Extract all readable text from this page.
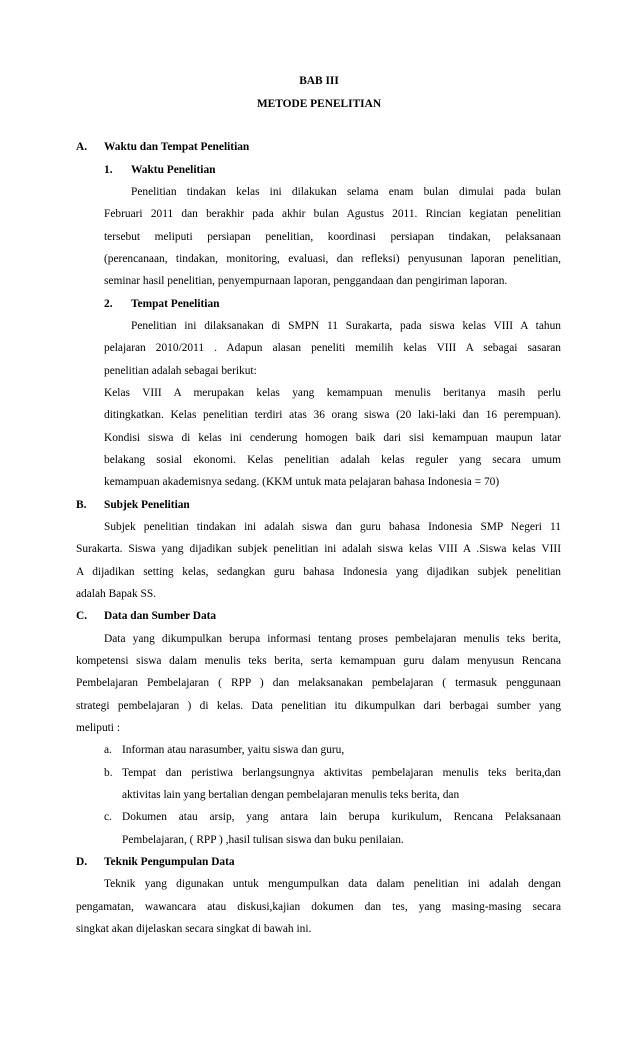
BAB III
METODE PENELITIAN
A. Waktu dan Tempat Penelitian
1. Waktu Penelitian
Penelitian tindakan kelas ini dilakukan selama enam bulan dimulai pada bulan
Februari 2011 dan berakhir pada akhir bulan Agustus 2011. Rincian kegiatan penelitian
tersebut meliputi persiapan penelitian, koordinasi persiapan tindakan, pelaksanaan
(perencanaan, tindakan, monitoring, evaluasi, dan refleksi) penyusunan laporan penelitian,
seminar hasil penelitian, penyempurnaan laporan, penggandaan dan pengiriman laporan.
2. Tempat Penelitian
Penelitian ini dilaksanakan di SMPN 11 Surakarta, pada siswa kelas VIII A tahun
pelajaran 2010/2011 . Adapun alasan peneliti memilih kelas VIII A sebagai sasaran
penelitian adalah sebagai berikut:
Kelas VIII A merupakan kelas yang kemampuan menulis beritanya masih perlu
ditingkatkan. Kelas penelitian terdiri atas 36 orang siswa (20 laki-laki dan 16 perempuan).
Kondisi siswa di kelas ini cenderung homogen baik dari sisi kemampuan maupun latar
belakang sosial ekonomi. Kelas penelitian adalah kelas reguler yang secara umum
kemampuan akademisnya sedang. (KKM untuk mata pelajaran bahasa Indonesia = 70)
B. Subjek Penelitian
Subjek penelitian tindakan ini adalah siswa dan guru bahasa Indonesia SMP Negeri 11
Surakarta. Siswa yang dijadikan subjek penelitian ini adalah siswa kelas VIII A .Siswa kelas VIII
A dijadikan setting kelas, sedangkan guru bahasa Indonesia yang dijadikan subjek penelitian
adalah Bapak SS.
C. Data dan Sumber Data
Data yang dikumpulkan berupa informasi tentang proses pembelajaran menulis teks berita,
kompetensi siswa dalam menulis teks berita, serta kemampuan guru dalam menyusun Rencana
Pembelajaran Pembelajaran ( RPP ) dan melaksanakan pembelajaran ( termasuk penggunaan
strategi pembelajaran ) di kelas. Data penelitian itu dikumpulkan dari berbagai sumber yang
meliputi :
a. Informan atau narasumber, yaitu siswa dan guru,
b. Tempat dan peristiwa berlangsungnya aktivitas pembelajaran menulis teks berita,dan
aktivitas lain yang bertalian dengan pembelajaran menulis teks berita, dan
c. Dokumen atau arsip, yang antara lain berupa kurikulum, Rencana Pelaksanaan
Pembelajaran, ( RPP ) ,hasil tulisan siswa dan buku penilaian.
D. Teknik Pengumpulan Data
Teknik yang digunakan untuk mengumpulkan data dalam penelitian ini adalah dengan
pengamatan, wawancara atau diskusi,kajian dokumen dan tes, yang masing-masing secara
singkat akan dijelaskan secara singkat di bawah ini.
